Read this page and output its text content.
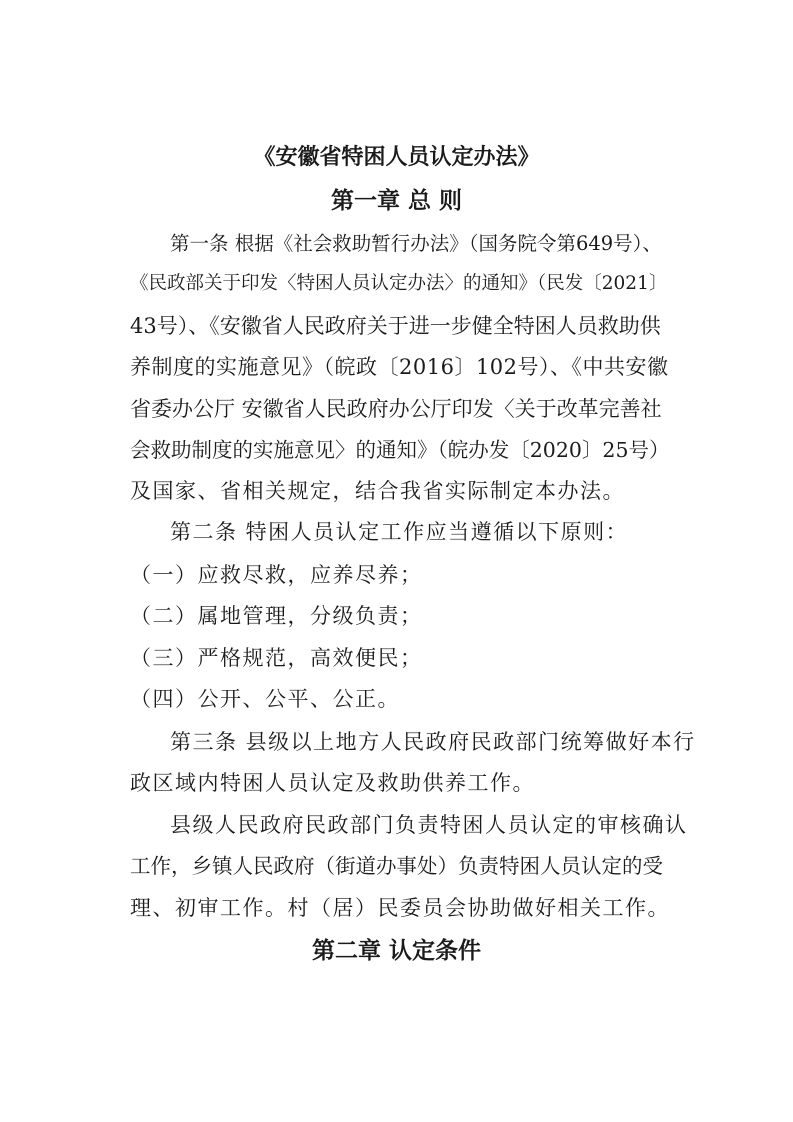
《安徽省特困人员认定办法》
第一章 总 则
第一条 根据《社会救助暂行办法》（国务院令第649号）、
《民政部关于印发〈特困人员认定办法〉的通知》（民发〔2021〕
43号）、《安徽省人民政府关于进一步健全特困人员救助供
养制度的实施意见》（皖政〔2016〕102号）、《中共安徽
省委办公厅 安徽省人民政府办公厅印发〈关于改革完善社
会救助制度的实施意见〉的通知》（皖办发〔2020〕25号）
及国家、省相关规定，结合我省实际制定本办法。
第二条 特困人员认定工作应当遵循以下原则：
（一）应救尽救，应养尽养；
（二）属地管理，分级负责；
（三）严格规范，高效便民；
（四）公开、公平、公正。
第三条 县级以上地方人民政府民政部门统筹做好本行
政区域内特困人员认定及救助供养工作。
县级人民政府民政部门负责特困人员认定的审核确认
工作，乡镇人民政府（街道办事处）负责特困人员认定的受
理、初审工作。村（居）民委员会协助做好相关工作。
第二章 认定条件
